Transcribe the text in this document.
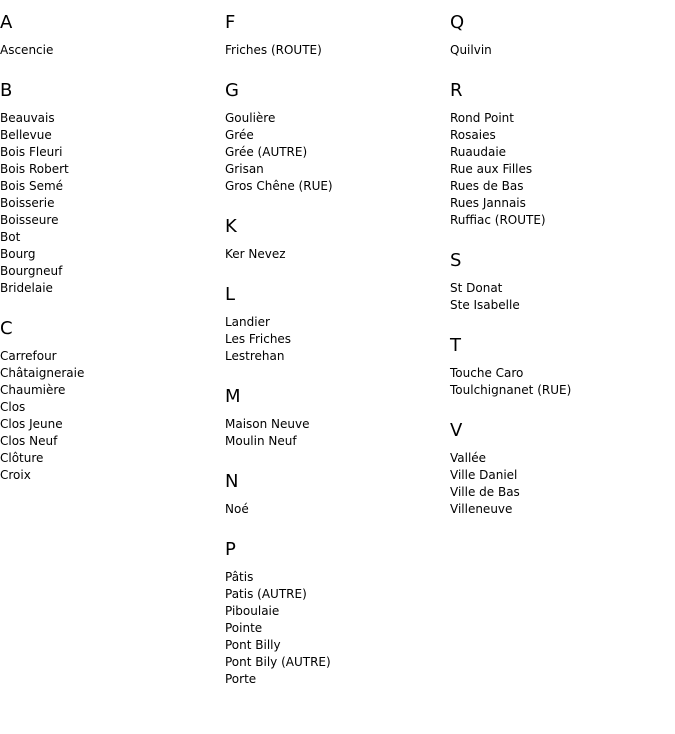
A
Ascencie
B
Beauvais
Bellevue
Bois Fleuri
Bois Robert
Bois Semé
Boisserie
Boisseure
Bot
Bourg
Bourgneuf
Bridelaie
C
Carrefour
Châtaigneraie
Chaumière
Clos
Clos Jeune
Clos Neuf
Clôture
Croix
F
Friches (ROUTE)
G
Goulière
Grée
Grée (AUTRE)
Grisan
Gros Chêne (RUE)
K
Ker Nevez
L
Landier
Les Friches
Lestrehan
M
Maison Neuve
Moulin Neuf
N
Noé
P
Pâtis
Patis (AUTRE)
Piboulaie
Pointe
Pont Billy
Pont Bily (AUTRE)
Porte
Q
Quilvin
R
Rond Point
Rosaies
Ruaudaie
Rue aux Filles
Rues de Bas
Rues Jannais
Ruffiac (ROUTE)
S
St Donat
Ste Isabelle
T
Touche Caro
Toulchignanet (RUE)
V
Vallée
Ville Daniel
Ville de Bas
Villeneuve
